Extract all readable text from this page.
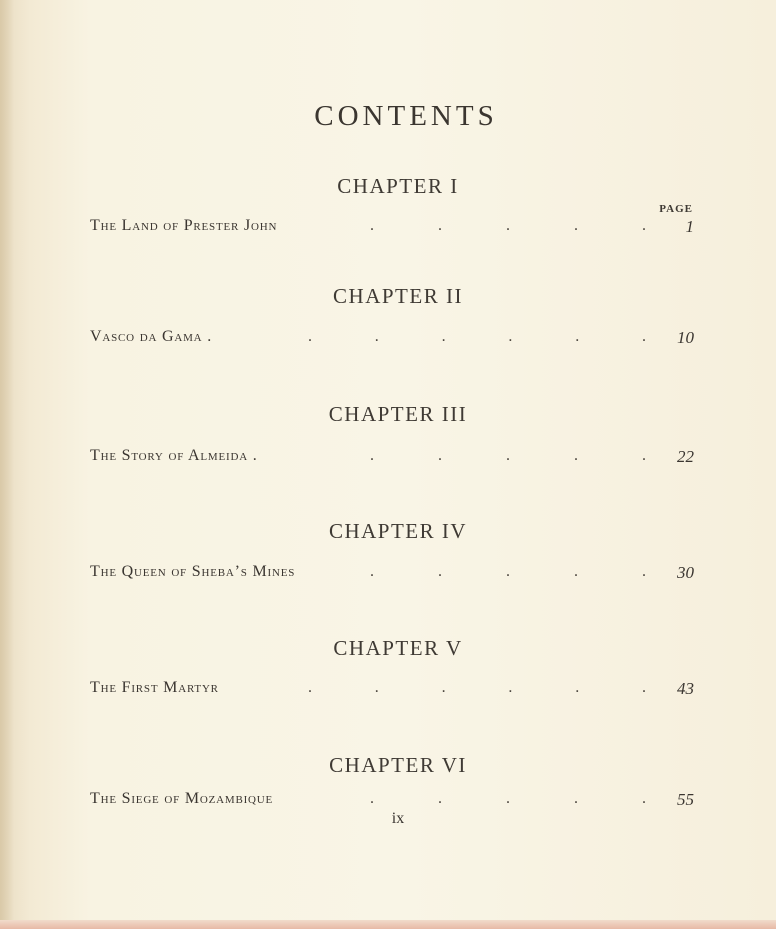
CONTENTS
PAGE
CHAPTER I
The Land of Prester John	.	.	.	.	. 1
CHAPTER II
Vasco da Gama .	.	.	.	.	.	. 10
CHAPTER III
The Story of Almeida .	.	.	.	.	. 22
CHAPTER IV
The Queen of Sheba’s Mines	.	.	.	.	. 30
CHAPTER V
The First Martyr	.	.	.	.	.	. 43
CHAPTER VI
The Siege of Mozambique	.	.	.	.	. 55
ix
